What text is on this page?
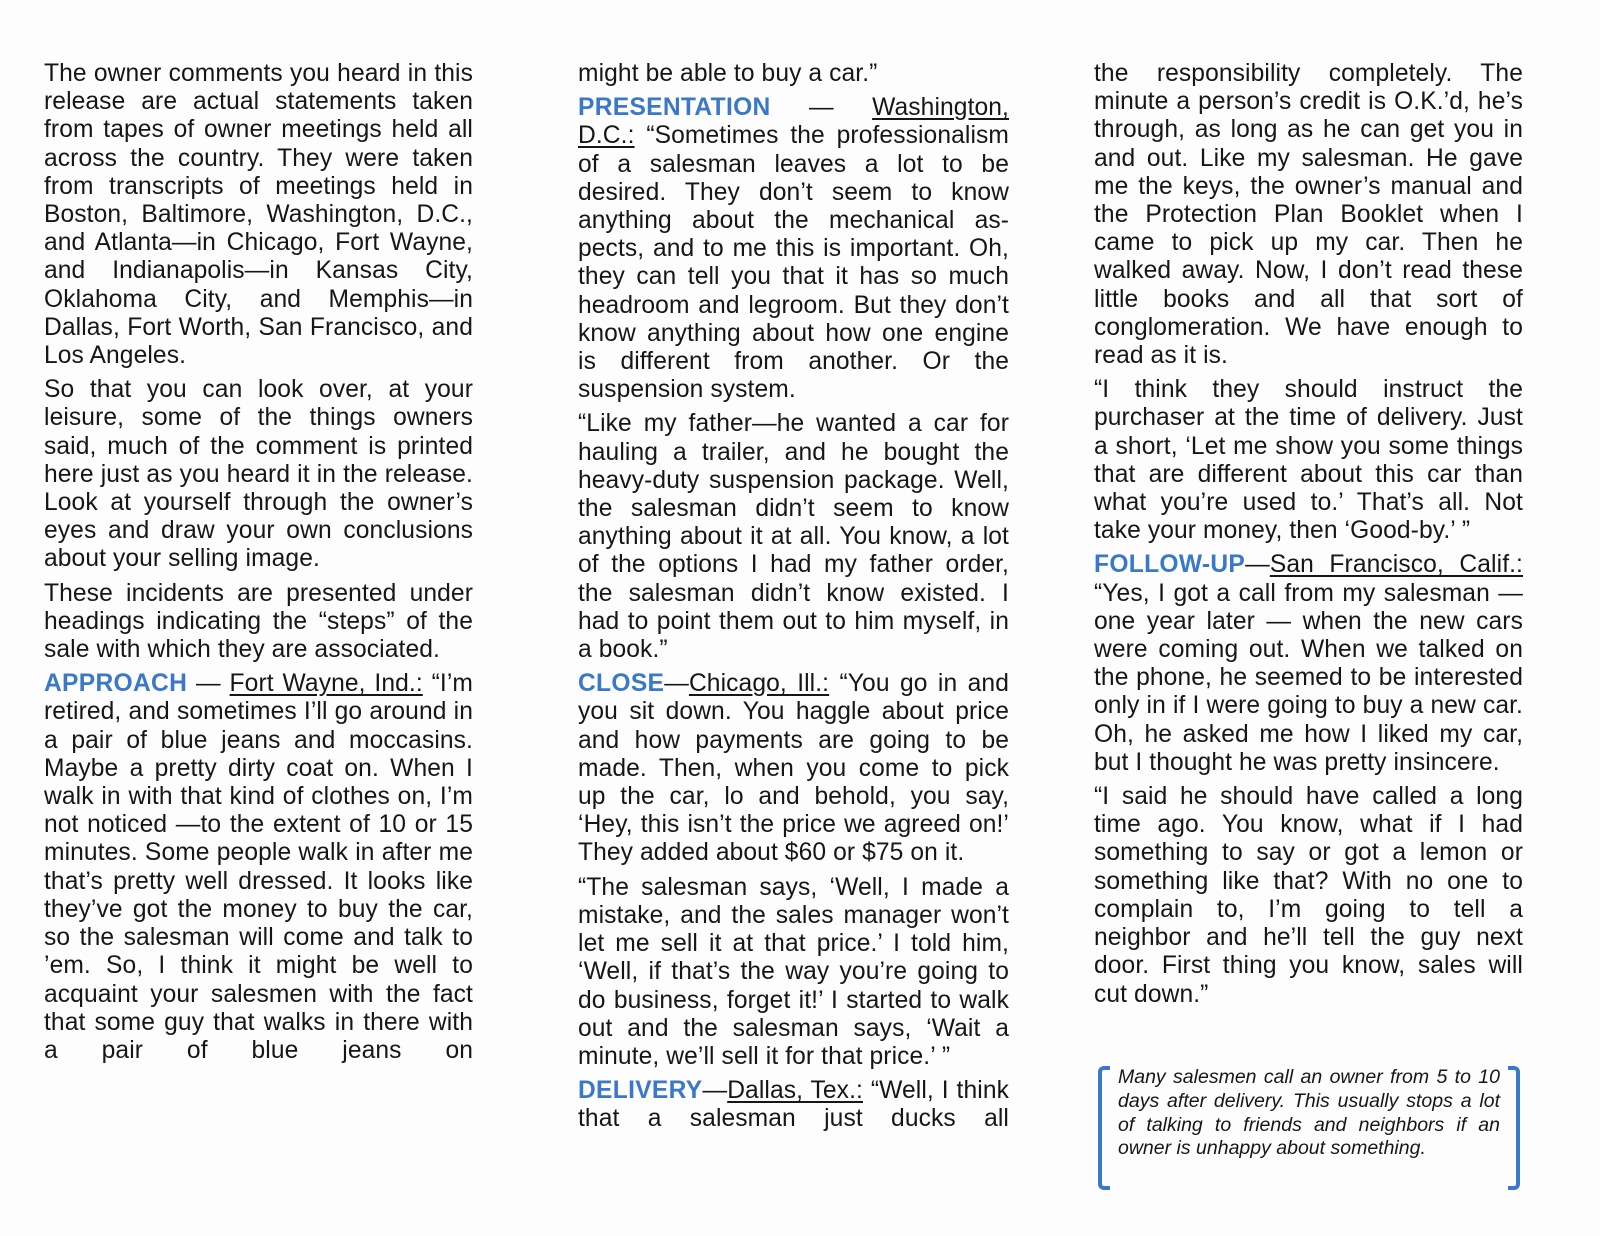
The owner comments you heard in this release are actual statements taken from tapes of owner meetings held all across the country. They were taken from transcripts of meetings held in Boston, Baltimore, Washington, D.C., and Atlanta—in Chicago, Fort Wayne, and Indianapolis—in Kansas City, Oklahoma City, and Memphis—in Dallas, Fort Worth, San Francisco, and Los Angeles.

So that you can look over, at your leisure, some of the things owners said, much of the comment is printed here just as you heard it in the release. Look at yourself through the owner’s eyes and draw your own conclusions about your selling image.

These incidents are presented under headings indicating the “steps” of the sale with which they are associated.

APPROACH — Fort Wayne, Ind.: “I’m retired, and sometimes I’ll go around in a pair of blue jeans and moccasins. Maybe a pretty dirty coat on. When I walk in with that kind of clothes on, I’m not noticed —to the extent of 10 or 15 minutes. Some people walk in after me that’s pretty well dressed. It looks like they’ve got the money to buy the car, so the salesman will come and talk to ’em. So, I think it might be well to acquaint your salesmen with the fact that some guy that walks in there with a pair of blue jeans on

might be able to buy a car.”

PRESENTATION — Washington, D.C.: “Sometimes the professionalism of a salesman leaves a lot to be desired. They don’t seem to know anything about the mechanical aspects, and to me this is important. Oh, they can tell you that it has so much headroom and legroom. But they don’t know anything about how one engine is different from another. Or the suspension system.

“Like my father—he wanted a car for hauling a trailer, and he bought the heavy-duty suspension package. Well, the salesman didn’t seem to know anything about it at all. You know, a lot of the options I had my father order, the salesman didn’t know existed. I had to point them out to him myself, in a book.”

CLOSE—Chicago, Ill.: “You go in and you sit down. You haggle about price and how payments are going to be made. Then, when you come to pick up the car, lo and behold, you say, ‘Hey, this isn’t the price we agreed on!’ They added about $60 or $75 on it.

“The salesman says, ‘Well, I made a mistake, and the sales manager won’t let me sell it at that price.’ I told him, ‘Well, if that’s the way you’re going to do business, forget it!’ I started to walk out and the salesman says, ‘Wait a minute, we’ll sell it for that price.’ ”

DELIVERY—Dallas, Tex.: “Well, I think that a salesman just ducks all

the responsibility completely. The minute a person’s credit is O.K.’d, he’s through, as long as he can get you in and out. Like my salesman. He gave me the keys, the owner’s manual and the Protection Plan Booklet when I came to pick up my car. Then he walked away. Now, I don’t read these little books and all that sort of conglomeration. We have enough to read as it is.

“I think they should instruct the purchaser at the time of delivery. Just a short, ‘Let me show you some things that are different about this car than what you’re used to.’ That’s all. Not take your money, then ‘Good-by.’ ”

FOLLOW-UP—San Francisco, Calif.: “Yes, I got a call from my salesman — one year later — when the new cars were coming out. When we talked on the phone, he seemed to be interested only in if I were going to buy a new car. Oh, he asked me how I liked my car, but I thought he was pretty insincere.

“I said he should have called a long time ago. You know, what if I had something to say or got a lemon or something like that? With no one to complain to, I’m going to tell a neighbor and he’ll tell the guy next door. First thing you know, sales will cut down.”

Many salesmen call an owner from 5 to 10 days after delivery. This usually stops a lot of talking to friends and neighbors if an owner is unhappy about something.
